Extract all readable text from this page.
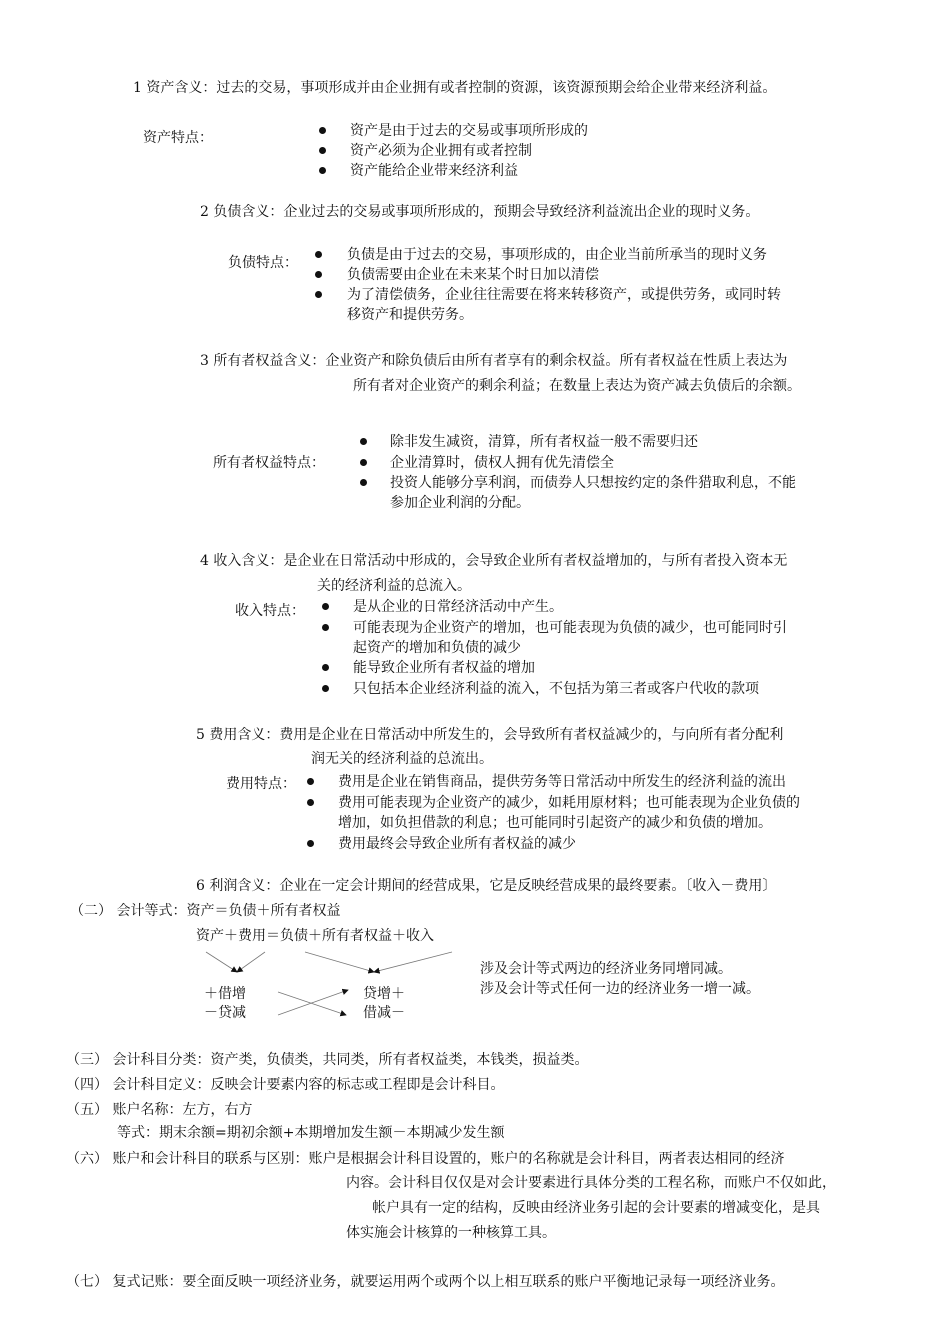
1 资产含义：过去的交易，事项形成并由企业拥有或者控制的资源，该资源预期会给企业带来经济利益。
资产特点：	资产是由于过去的交易或事项所形成的
资产必须为企业拥有或者控制
资产能给企业带来经济利益
2 负债含义：企业过去的交易或事项所形成的，预期会导致经济利益流出企业的现时义务。
负债特点：	负债是由于过去的交易，事项形成的，由企业当前所承当的现时义务
负债需要由企业在未来某个时日加以清偿
为了清偿债务，企业往往需要在将来转移资产，或提供劳务，或同时转
移资产和提供劳务。
3 所有者权益含义：企业资产和除负债后由所有者享有的剩余权益。所有者权益在性质上表达为
所有者对企业资产的剩余利益；在数量上表达为资产减去负债后的余额。
所有者权益特点：
除非发生减资，清算，所有者权益一般不需要归还
企业清算时，债权人拥有优先清偿全
投资人能够分享利润，而债券人只想按约定的条件猎取利息，不能
参加企业利润的分配。
4 收入含义：是企业在日常活动中形成的，会导致企业所有者权益增加的，与所有者投入资本无
关的经济利益的总流入。
收入特点：	是从企业的日常经济活动中产生。
可能表现为企业资产的增加，也可能表现为负债的减少，也可能同时引
起资产的增加和负债的减少
能导致企业所有者权益的增加
只包括本企业经济利益的流入，不包括为第三者或客户代收的款项
5 费用含义：费用是企业在日常活动中所发生的，会导致所有者权益减少的，与向所有者分配利
润无关的经济利益的总流出。
费用特点：	费用是企业在销售商品，提供劳务等日常活动中所发生的经济利益的流出
费用可能表现为企业资产的减少，如耗用原材料；也可能表现为企业负债的
增加，如负担借款的利息；也可能同时引起资产的减少和负债的增加。
费用最终会导致企业所有者权益的减少
6 利润含义：企业在一定会计期间的经营成果，它是反映经营成果的最终要素。〔收入－费用〕
（二） 会计等式：资产＝负债＋所有者权益
资产＋费用＝负债＋所有者权益＋收入
＋借增
－贷减
贷增＋
借减－
涉及会计等式两边的经济业务同增同减。
涉及会计等式任何一边的经济业务一增一减。
（三） 会计科目分类：资产类，负债类，共同类，所有者权益类，本钱类，损益类。
（四） 会计科目定义：反映会计要素内容的标志或工程即是会计科目。
（五） 账户名称：左方，右方
等式：期末余额=期初余额+本期增加发生额－本期减少发生额
（六） 账户和会计科目的联系与区别：账户是根据会计科目设置的，账户的名称就是会计科目，两者表达相同的经济
内容。会计科目仅仅是对会计要素进行具体分类的工程名称，而账户不仅如此，
帐户具有一定的结构，反映由经济业务引起的会计要素的增减变化，是具
体实施会计核算的一种核算工具。
（七） 复式记账：要全面反映一项经济业务，就要运用两个或两个以上相互联系的账户平衡地记录每一项经济业务。
